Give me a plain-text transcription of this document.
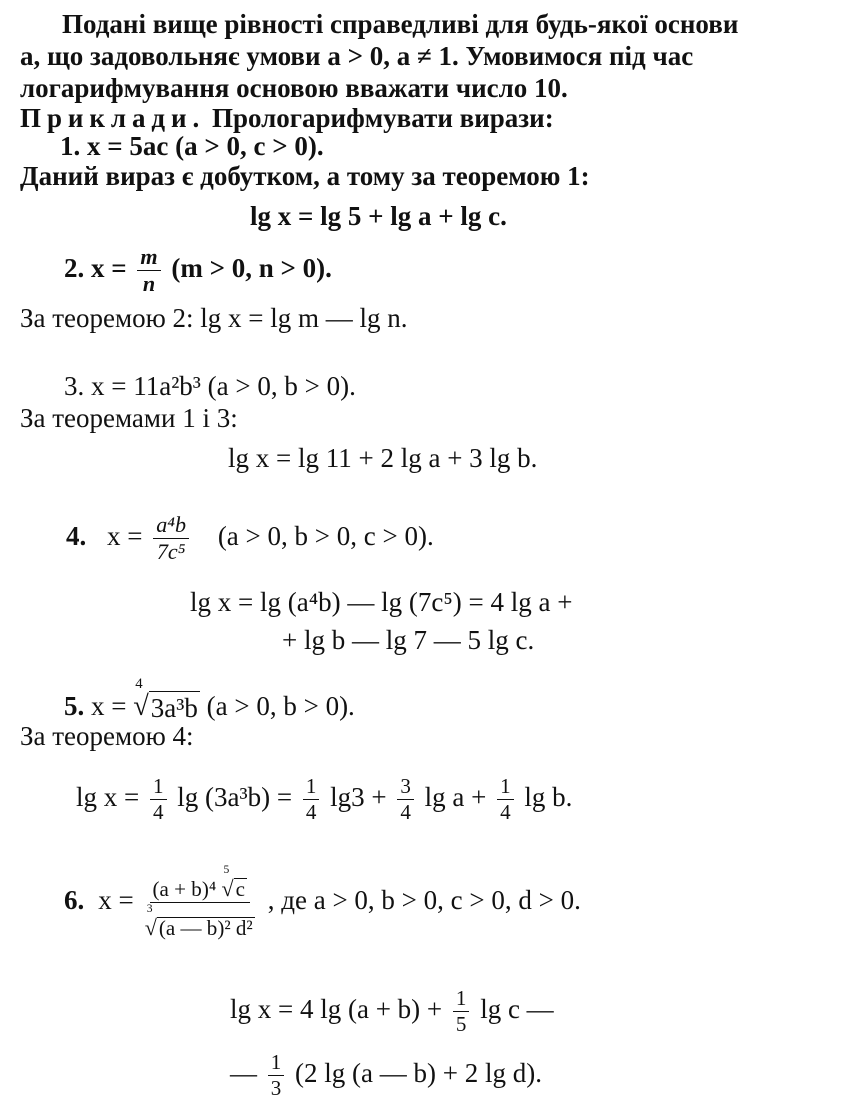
Подані вище рівності справедливі для будь-якої основи
a, що задовольняє умови a > 0, a ≠ 1. Умовимося під час
логарифмування основою вважати число 10.
Приклади. Прологарифмувати вирази:
1. x = 5ac (a > 0, c > 0).
Даний вираз є добутком, а тому за теоремою 1:
lg x = lg 5 + lg a + lg c.
2. $x = \frac{m}{n} (m > 0$, n > 0).
За теоремою 2: lg x = lg m — lg n.
3. x = 11a²b³ (a > 0, b > 0).
За теоремами 1 і 3:
lg x = lg 11 + 2 lg a + 3 lg b.
4. $x = \frac{\text{a⁴b}}{\text{7c⁵}} (a > 0$, b > 0, c > 0).
lg x = lg (a⁴b) — lg (7c⁵) = 4 lg a +
+ lg b — lg 7 — 5 lg c.
5. x =
4
√ 3a³b (a > 0, b > 0).
За теоремою 4:
$\lg x = \frac{1}{4}$ $\lg (3a^3b) = \frac{1}{4} \lg 3 + \frac{3}{4}$ $\lg a + \frac{1}{4}$ lg b.
6. x = (a + b)⁴
5
√ c
3
√ (a — b)² d² , де a > 0, b > 0, c > 0, d > 0.
lg x = 4 $\lg (a + b) + \frac{1}{5}$ lg c —
— $\frac{1}{3} (2$ lg (a — b) + 2 lg d).
